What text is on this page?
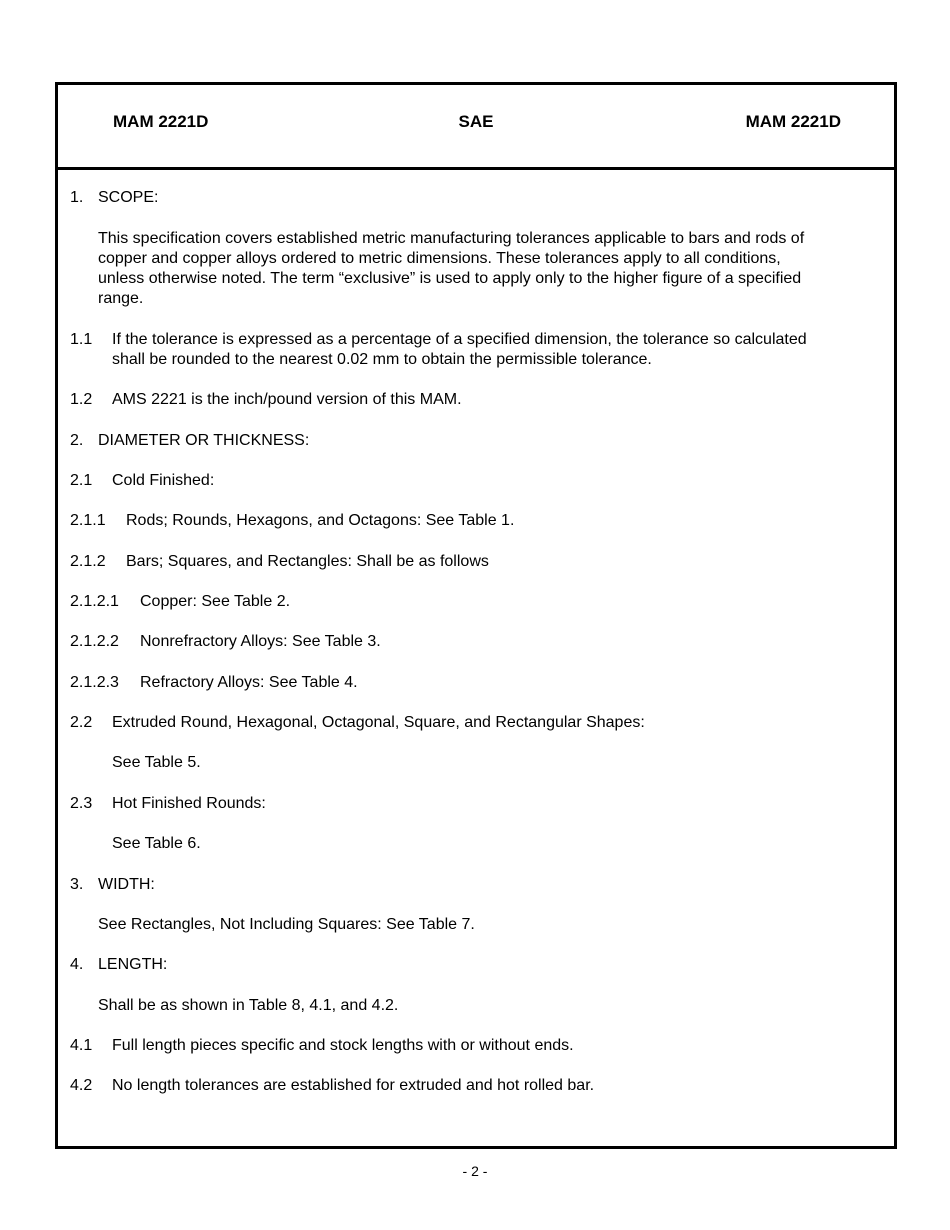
MAM 2221D	SAE	MAM 2221D
1. SCOPE:
This specification covers established metric manufacturing tolerances applicable to bars and rods of
copper and copper alloys ordered to metric dimensions. These tolerances apply to all conditions,
unless otherwise noted. The term “exclusive” is used to apply only to the higher figure of a specified
range.
1.1 If the tolerance is expressed as a percentage of a specified dimension, the tolerance so calculated
shall be rounded to the nearest 0.02 mm to obtain the permissible tolerance.
1.2 AMS 2221 is the inch/pound version of this MAM.
2. DIAMETER OR THICKNESS:
2.1 Cold Finished:
2.1.1 Rods; Rounds, Hexagons, and Octagons: See Table 1.
2.1.2 Bars; Squares, and Rectangles: Shall be as follows
2.1.2.1 Copper: See Table 2.
2.1.2.2 Nonrefractory Alloys: See Table 3.
2.1.2.3 Refractory Alloys: See Table 4.
2.2 Extruded Round, Hexagonal, Octagonal, Square, and Rectangular Shapes:
See Table 5.
2.3 Hot Finished Rounds:
See Table 6.
3. WIDTH:
See Rectangles, Not Including Squares: See Table 7.
4. LENGTH:
Shall be as shown in Table 8, 4.1, and 4.2.
4.1 Full length pieces specific and stock lengths with or without ends.
4.2 No length tolerances are established for extruded and hot rolled bar.
- 2 -
